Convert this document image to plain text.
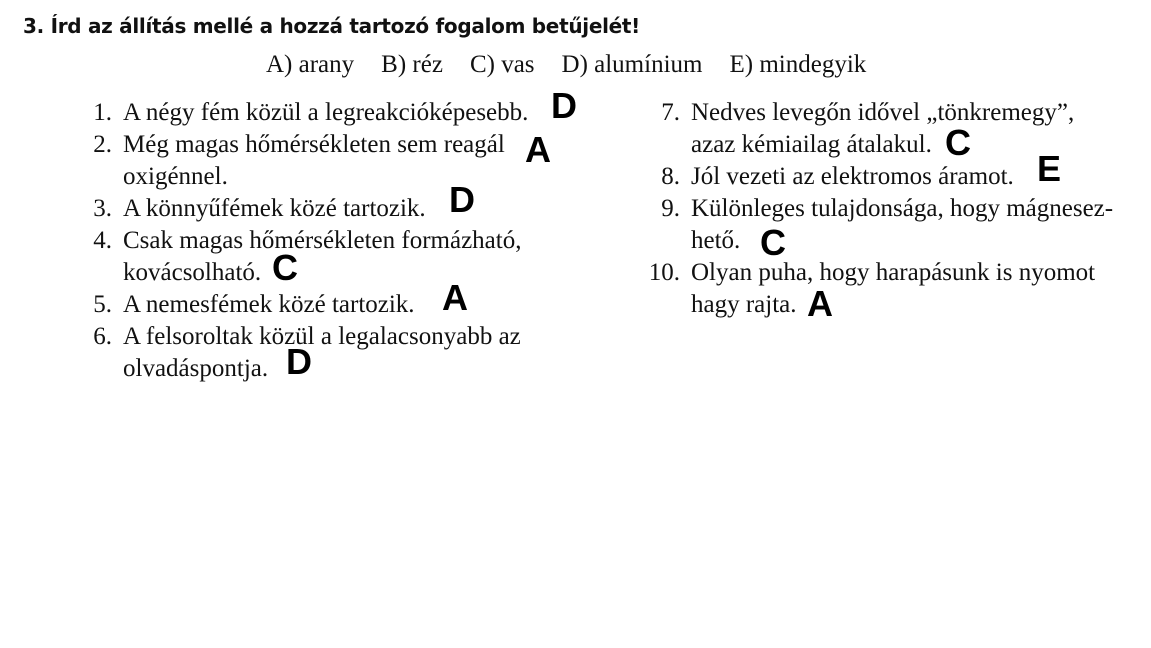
3. Írd az állítás mellé a hozzá tartozó fogalom betűjelét!
A) arany B) réz C) vas D) alumínium E) mindegyik
1. A négy fém közül a legreakcióképesebb. D
2. Még magas hőmérsékleten sem reagál
oxigénnel.
A
3. A könnyűfémek közé tartozik. D
4. Csak magas hőmérsékleten formázható,
kovácsolható. C
5. A nemesfémek közé tartozik. A
6. A felsoroltak közül a legalacsonyabb az
olvadáspontja. D
7. Nedves levegőn idővel „tönkremegy”,
azaz kémiailag átalakul. C
8. Jól vezeti az elektromos áramot. E
9. Különleges tulajdonsága, hogy mágnesez-
hető. C
10. Olyan puha, hogy harapásunk is nyomot
hagy rajta. A
